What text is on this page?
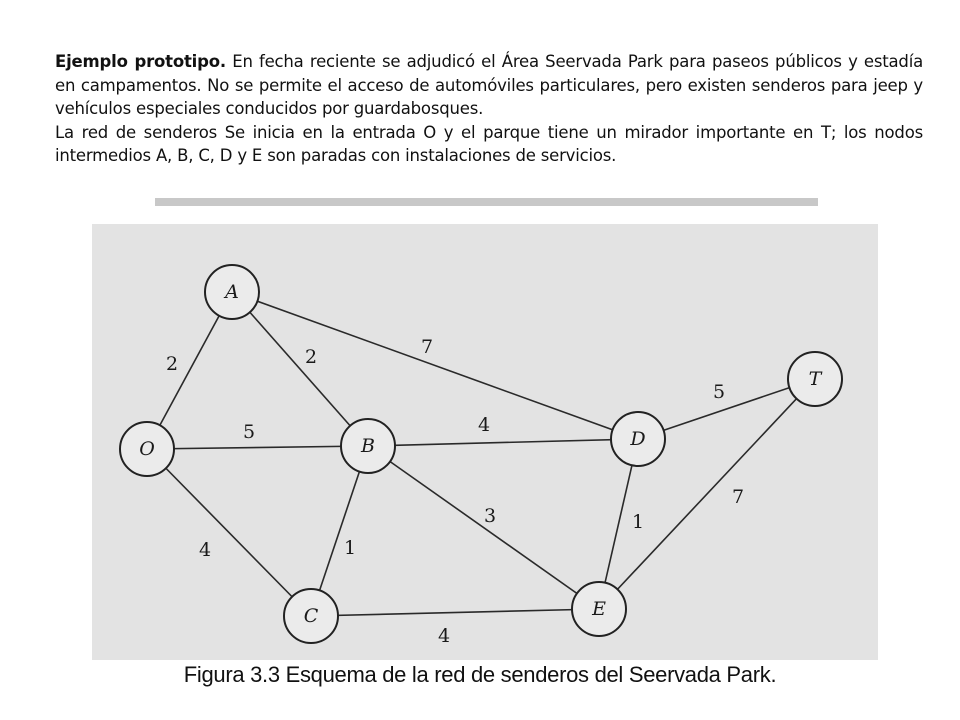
Ejemplo prototipo. En fecha reciente se adjudicó el Área Seervada Park para paseos públicos y estadía en campamentos. No se permite el acceso de automóviles particulares, pero existen senderos para jeep y vehículos especiales conducidos por guardabosques.

La red de senderos Se inicia en la entrada O y el parque tiene un mirador importante en T; los nodos intermedios A, B, C, D y E son paradas con instalaciones de servicios.

2
5
4
2	7
1
4
3
4
1
5
7
O
A
B
C
D
E
T
Figura 3.3 Esquema de la red de senderos del Seervada Park.
